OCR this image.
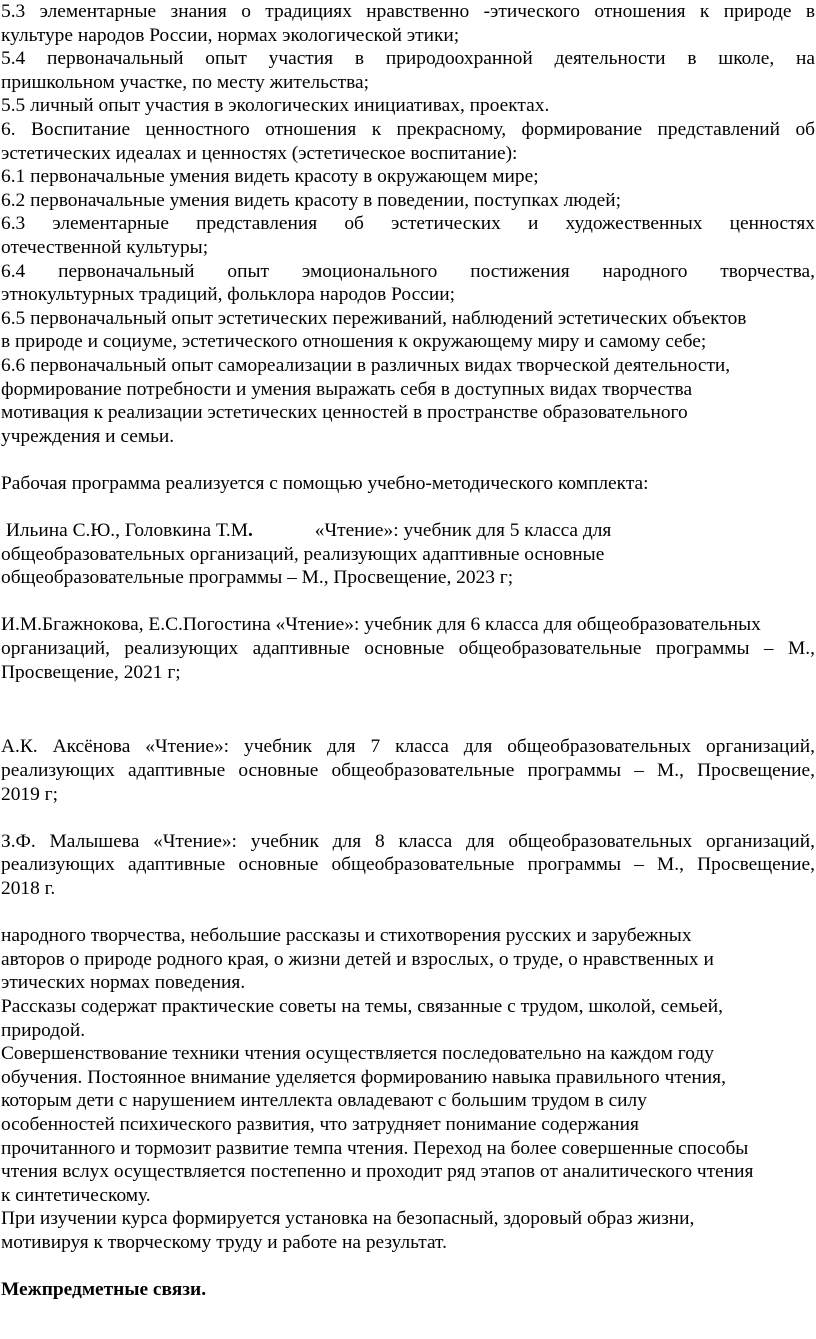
5.3 элементарные знания о традициях нравственно -этического отношения к природе в
культуре народов России, нормах экологической этики;
5.4 первоначальный опыт участия в природоохранной деятельности в школе, на
пришкольном участке, по месту жительства;
5.5 личный опыт участия в экологических инициативах, проектах.
6. Воспитание ценностного отношения к прекрасному, формирование представлений об
эстетических идеалах и ценностях (эстетическое воспитание):
6.1 первоначальные умения видеть красоту в окружающем мире;
6.2 первоначальные умения видеть красоту в поведении, поступках людей;
6.3 элементарные представления об эстетических и художественных ценностях
отечественной культуры;
6.4 первоначальный опыт эмоционального постижения народного творчества,
этнокультурных традиций, фольклора народов России;
6.5 первоначальный опыт эстетических переживаний, наблюдений эстетических объектов
в природе и социуме, эстетического отношения к окружающему миру и самому себе;
6.6 первоначальный опыт самореализации в различных видах творческой деятельности,
формирование потребности и умения выражать себя в доступных видах творчества
мотивация к реализации эстетических ценностей в пространстве образовательного
учреждения и семьи.
Рабочая программа реализуется с помощью учебно-методического комплекта:
Ильина С.Ю., Головкина Т.М.	«Чтение»: учебник для 5 класса для
общеобразовательных организаций, реализующих адаптивные основные
общеобразовательные программы – М., Просвещение, 2023 г;
И.М.Бгажнокова, Е.С.Погостина «Чтение»: учебник для 6 класса для общеобразовательных
организаций, реализующих адаптивные основные общеобразовательные программы – М.,
Просвещение, 2021 г;
А.К. Аксёнова «Чтение»: учебник для 7 класса для общеобразовательных организаций,
реализующих адаптивные основные общеобразовательные программы – М., Просвещение,
2019 г;
З.Ф. Малышева «Чтение»: учебник для 8 класса для общеобразовательных организаций,
реализующих адаптивные основные общеобразовательные программы – М., Просвещение,
2018 г.
народного творчества, небольшие рассказы и стихотворения русских и зарубежных
авторов о природе родного края, о жизни детей и взрослых, о труде, о нравственных и
этических нормах поведения.
Рассказы содержат практические советы на темы, связанные с трудом, школой, семьей,
природой.
Совершенствование техники чтения осуществляется последовательно на каждом году
обучения. Постоянное внимание уделяется формированию навыка правильного чтения,
которым дети с нарушением интеллекта овладевают с большим трудом в силу
особенностей психического развития, что затрудняет понимание содержания
прочитанного и тормозит развитие темпа чтения. Переход на более совершенные способы
чтения вслух осуществляется постепенно и проходит ряд этапов от аналитического чтения
к синтетическому.
При изучении курса формируется установка на безопасный, здоровый образ жизни,
мотивируя к творческому труду и работе на результат.
Межпредметные связи.
